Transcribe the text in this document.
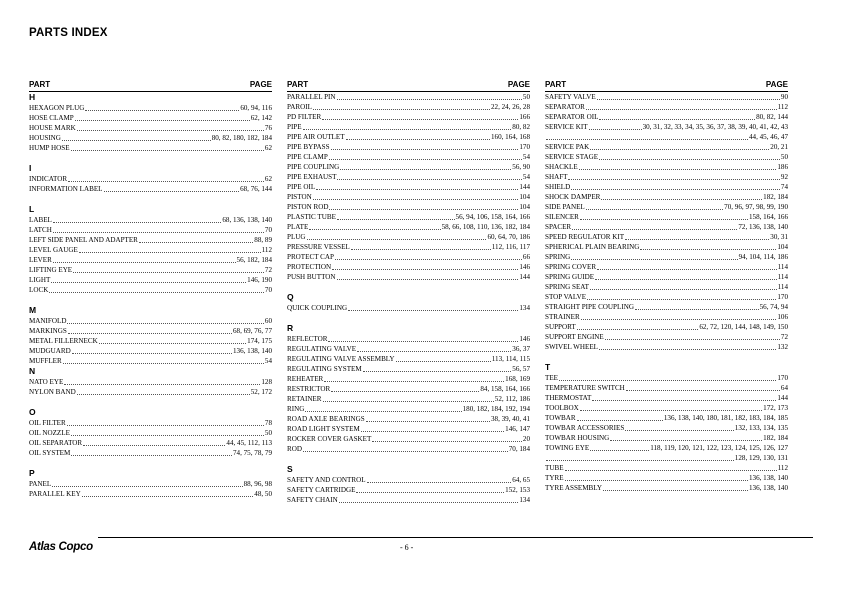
PARTS INDEX
PART	PAGE
H
HEXAGON PLUG	60, 94, 116
HOSE CLAMP	62, 142
HOUSE MARK	76
HOUSING	80, 82, 180, 182, 184
HUMP HOSE	62
I
INDICATOR	62
INFORMATION LABEL	68, 76, 144
L
LABEL	68, 136, 138, 140
LATCH	70
LEFT SIDE PANEL AND ADAPTER	88, 89
LEVEL GAUGE	112
LEVER	56, 182, 184
LIFTING EYE	72
LIGHT	146, 190
LOCK	70
M
MANIFOLD	60
MARKINGS	68, 69, 76, 77
METAL FILLERNECK	174, 175
MUDGUARD	136, 138, 140
MUFFLER	54
N
NATO EYE	128
NYLON BAND	52, 172
O
OIL FILTER	78
OIL NOZZLE	50
OIL SEPARATOR	44, 45, 112, 113
OIL SYSTEM	74, 75, 78, 79
P
PANEL	88, 96, 98
PARALLEL KEY	48, 50
PART	PAGE
PARALLEL PIN	50
PAROIL	22, 24, 26, 28
PD FILTER	166
PIPE	80, 82
PIPE AIR OUTLET	160, 164, 168
PIPE BYPASS	170
PIPE CLAMP	54
PIPE COUPLING	56, 90
PIPE EXHAUST	54
PIPE OIL	144
PISTON	104
PISTON ROD	104
PLASTIC TUBE	56, 94, 106, 158, 164, 166
PLATE	58, 66, 108, 110, 136, 182, 184
PLUG	60, 64, 70, 186
PRESSURE VESSEL	112, 116, 117
PROTECT CAP	66
PROTECTION	146
PUSH BUTTON	144
Q
QUICK COUPLING	134
R
REFLECTOR	146
REGULATING VALVE	36, 37
REGULATING VALVE ASSEMBLY	113, 114, 115
REGULATING SYSTEM	56, 57
REHEATER	168, 169
RESTRICTOR	84, 158, 164, 166
RETAINER	52, 112, 186
RING	180, 182, 184, 192, 194
ROAD AXLE BEARINGS	38, 39, 40, 41
ROAD LIGHT SYSTEM	146, 147
ROCKER COVER GASKET	20
ROD	70, 184
S
SAFETY AND CONTROL	64, 65
SAFETY CARTRIDGE	152, 153
SAFETY CHAIN	134
PART	PAGE
SAFETY VALVE	90
SEPARATOR	112
SEPARATOR OIL	80, 82, 144
SERVICE KIT	30, 31, 32, 33, 34, 35, 36, 37, 38, 39, 40, 41, 42, 43
44, 45, 46, 47
SERVICE PAK	20, 21
SERVICE STAGE	50
SHACKLE	186
SHAFT	92
SHIELD	74
SHOCK DAMPER	182, 184
SIDE PANEL	70, 96, 97, 98, 99, 190
SILENCER	158, 164, 166
SPACER	72, 136, 138, 140
SPEED REGULATOR KIT	30, 31
SPHERICAL PLAIN BEARING	104
SPRING	94, 104, 114, 186
SPRING COVER	114
SPRING GUIDE	114
SPRING SEAT	114
STOP VALVE	170
STRAIGHT PIPE COUPLING	56, 74, 94
STRAINER	106
SUPPORT	62, 72, 120, 144, 148, 149, 150
SUPPORT ENGINE	72
SWIVEL WHEEL	132
T
TEE	170
TEMPERATURE SWITCH	64
THERMOSTAT	144
TOOLBOX	172, 173
TOWBAR	136, 138, 140, 180, 181, 182, 183, 184, 185
TOWBAR ACCESSORIES	132, 133, 134, 135
TOWBAR HOUSING	182, 184
TOWING EYE	118, 119, 120, 121, 122, 123, 124, 125, 126, 127
128, 129, 130, 131
TUBE	112
TYRE	136, 138, 140
TYRE ASSEMBLY	136, 138, 140
Atlas Copco	- 6 -
